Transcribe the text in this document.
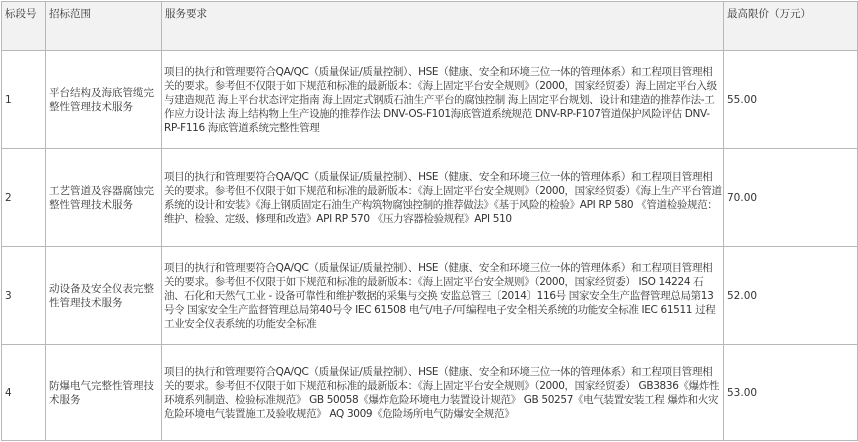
标段号	招标范围	服务要求	最高限价（万元）
1	平台结构及海底管缆完整性管理技术服务	项目的执行和管理要符合QA/QC（质量保证/质量控制）、HSE（健康、安全和环境三位一体的管理体系）和工程项目管理相关的要求。参考但不仅限于如下规范和标准的最新版本：《海上固定平台安全规则》（2000，国家经贸委）海上固定平台入级与建造规范 海上平台状态评定指南 海上固定式钢质石油生产平台的腐蚀控制 海上固定平台规划、设计和建造的推荐作法-工作应力设计法 海上结构物上生产设施的推荐作法 DNV-OS-F101海底管道系统规范 DNV-RP-F107管道保护风险评估 DNV-RP-F116 海底管道系统完整性管理	55.00
2	工艺管道及容器腐蚀完整性管理技术服务	项目的执行和管理要符合QA/QC（质量保证/质量控制）、HSE（健康、安全和环境三位一体的管理体系）和工程项目管理相关的要求。参考但不仅限于如下规范和标准的最新版本：《海上固定平台安全规则》（2000，国家经贸委）《海上生产平台管道系统的设计和安装》《海上钢质固定石油生产构筑物腐蚀控制的推荐做法》《基于风险的检验》API RP 580 《管道检验规范：维护、检验、定级、修理和改造》API RP 570 《压力容器检验规程》API 510	70.00
3	动设备及安全仪表完整性管理技术服务	项目的执行和管理要符合QA/QC（质量保证/质量控制）、HSE（健康、安全和环境三位一体的管理体系）和工程项目管理相关的要求。参考但不仅限于如下规范和标准的最新版本：《海上固定平台安全规则》（2000，国家经贸委） ISO 14224 石油、石化和天然气工业 - 设备可靠性和维护数据的采集与交换 安监总管三〔2014〕116号 国家安全生产监督管理总局第13号令 国家安全生产监督管理总局第40号令 IEC 61508 电气/电子/可编程电子安全相关系统的功能安全标准 IEC 61511 过程工业安全仪表系统的功能安全标准	52.00
4	防爆电气完整性管理技术服务	项目的执行和管理要符合QA/QC（质量保证/质量控制）、HSE（健康、安全和环境三位一体的管理体系）和工程项目管理相关的要求。参考但不仅限于如下规范和标准的最新版本：《海上固定平台安全规则》（2000，国家经贸委） GB3836《爆炸性环境系列制造、检验标准规范》 GB 50058《爆炸危险环境电力装置设计规范》 GB 50257《电气装置安装工程 爆炸和火灾危险环境电气装置施工及验收规范》 AQ 3009《危险场所电气防爆安全规范》	53.00
